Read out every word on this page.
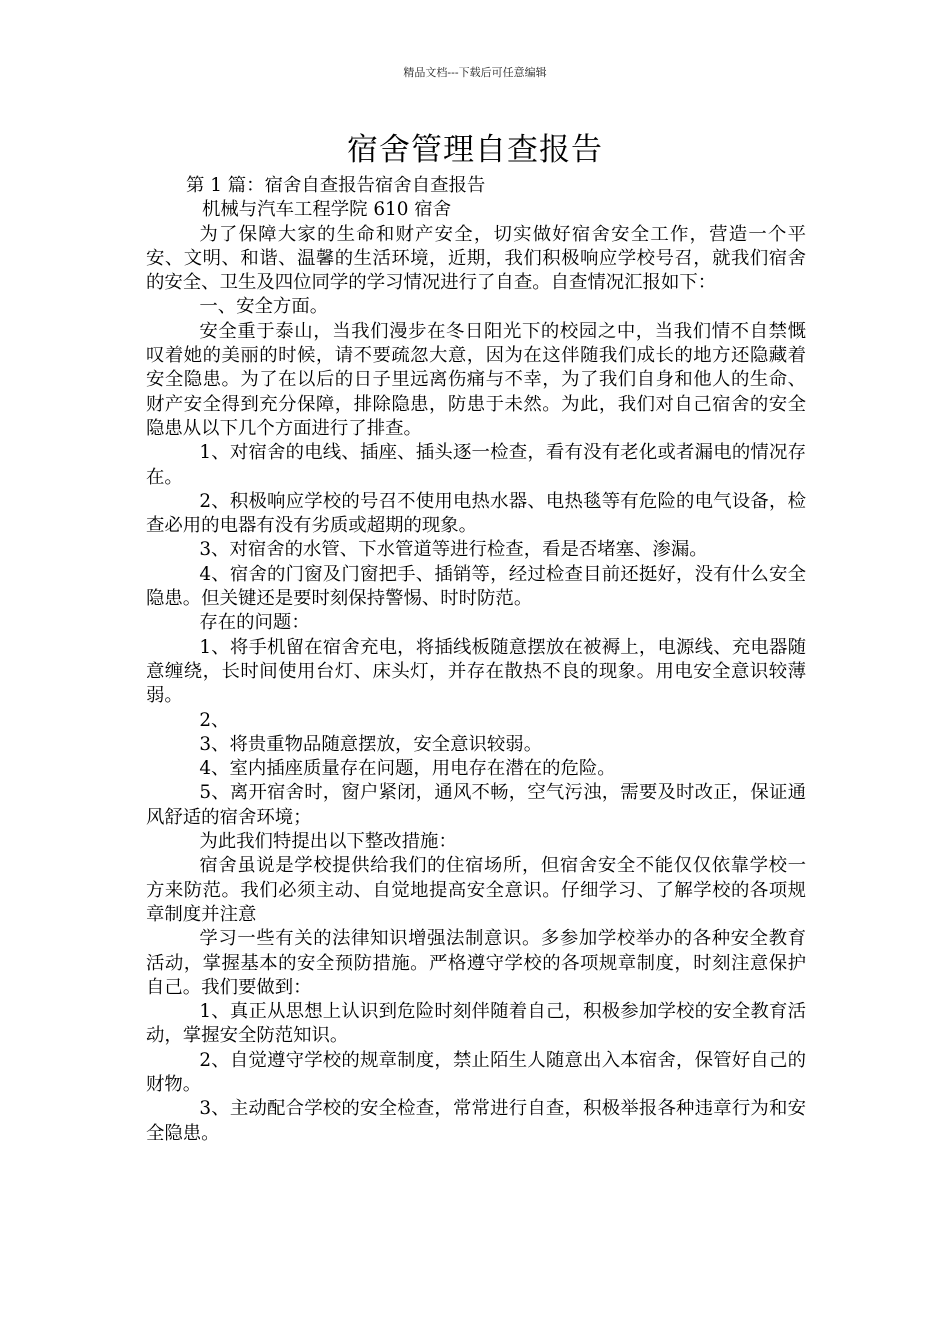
精品文档---下载后可任意编辑
宿舍管理自查报告

第 1 篇：宿舍自查报告宿舍自查报告

机械与汽车工程学院 610 宿舍

为了保障大家的生命和财产安全，切实做好宿舍安全工作，营造一个平安、文明、和谐、温馨的生活环境，近期，我们积极响应学校号召，就我们宿舍的安全、卫生及四位同学的学习情况进行了自查。自查情况汇报如下：

一、安全方面。

安全重于泰山，当我们漫步在冬日阳光下的校园之中，当我们情不自禁慨叹着她的美丽的时候，请不要疏忽大意，因为在这伴随我们成长的地方还隐藏着安全隐患。为了在以后的日子里远离伤痛与不幸，为了我们自身和他人的生命、财产安全得到充分保障，排除隐患，防患于未然。为此，我们对自己宿舍的安全隐患从以下几个方面进行了排查。

1、对宿舍的电线、插座、插头逐一检查，看有没有老化或者漏电的情况存在。

2、积极响应学校的号召不使用电热水器、电热毯等有危险的电气设备，检查必用的电器有没有劣质或超期的现象。

3、对宿舍的水管、下水管道等进行检查，看是否堵塞、渗漏。

4、宿舍的门窗及门窗把手、插销等，经过检查目前还挺好，没有什么安全隐患。但关键还是要时刻保持警惕、时时防范。

存在的问题：

1、将手机留在宿舍充电，将插线板随意摆放在被褥上，电源线、充电器随意缠绕，长时间使用台灯、床头灯，并存在散热不良的现象。用电安全意识较薄弱。

2、

3、将贵重物品随意摆放，安全意识较弱。

4、室内插座质量存在问题，用电存在潜在的危险。

5、离开宿舍时，窗户紧闭，通风不畅，空气污浊，需要及时改正，保证通风舒适的宿舍环境；

为此我们特提出以下整改措施：

宿舍虽说是学校提供给我们的住宿场所，但宿舍安全不能仅仅依靠学校一方来防范。我们必须主动、自觉地提高安全意识。仔细学习、了解学校的各项规章制度并注意

学习一些有关的法律知识增强法制意识。多参加学校举办的各种安全教育活动，掌握基本的安全预防措施。严格遵守学校的各项规章制度，时刻注意保护自己。我们要做到：

1、真正从思想上认识到危险时刻伴随着自己，积极参加学校的安全教育活动，掌握安全防范知识。

2、自觉遵守学校的规章制度，禁止陌生人随意出入本宿舍，保管好自己的财物。

3、主动配合学校的安全检查，常常进行自查，积极举报各种违章行为和安全隐患。
